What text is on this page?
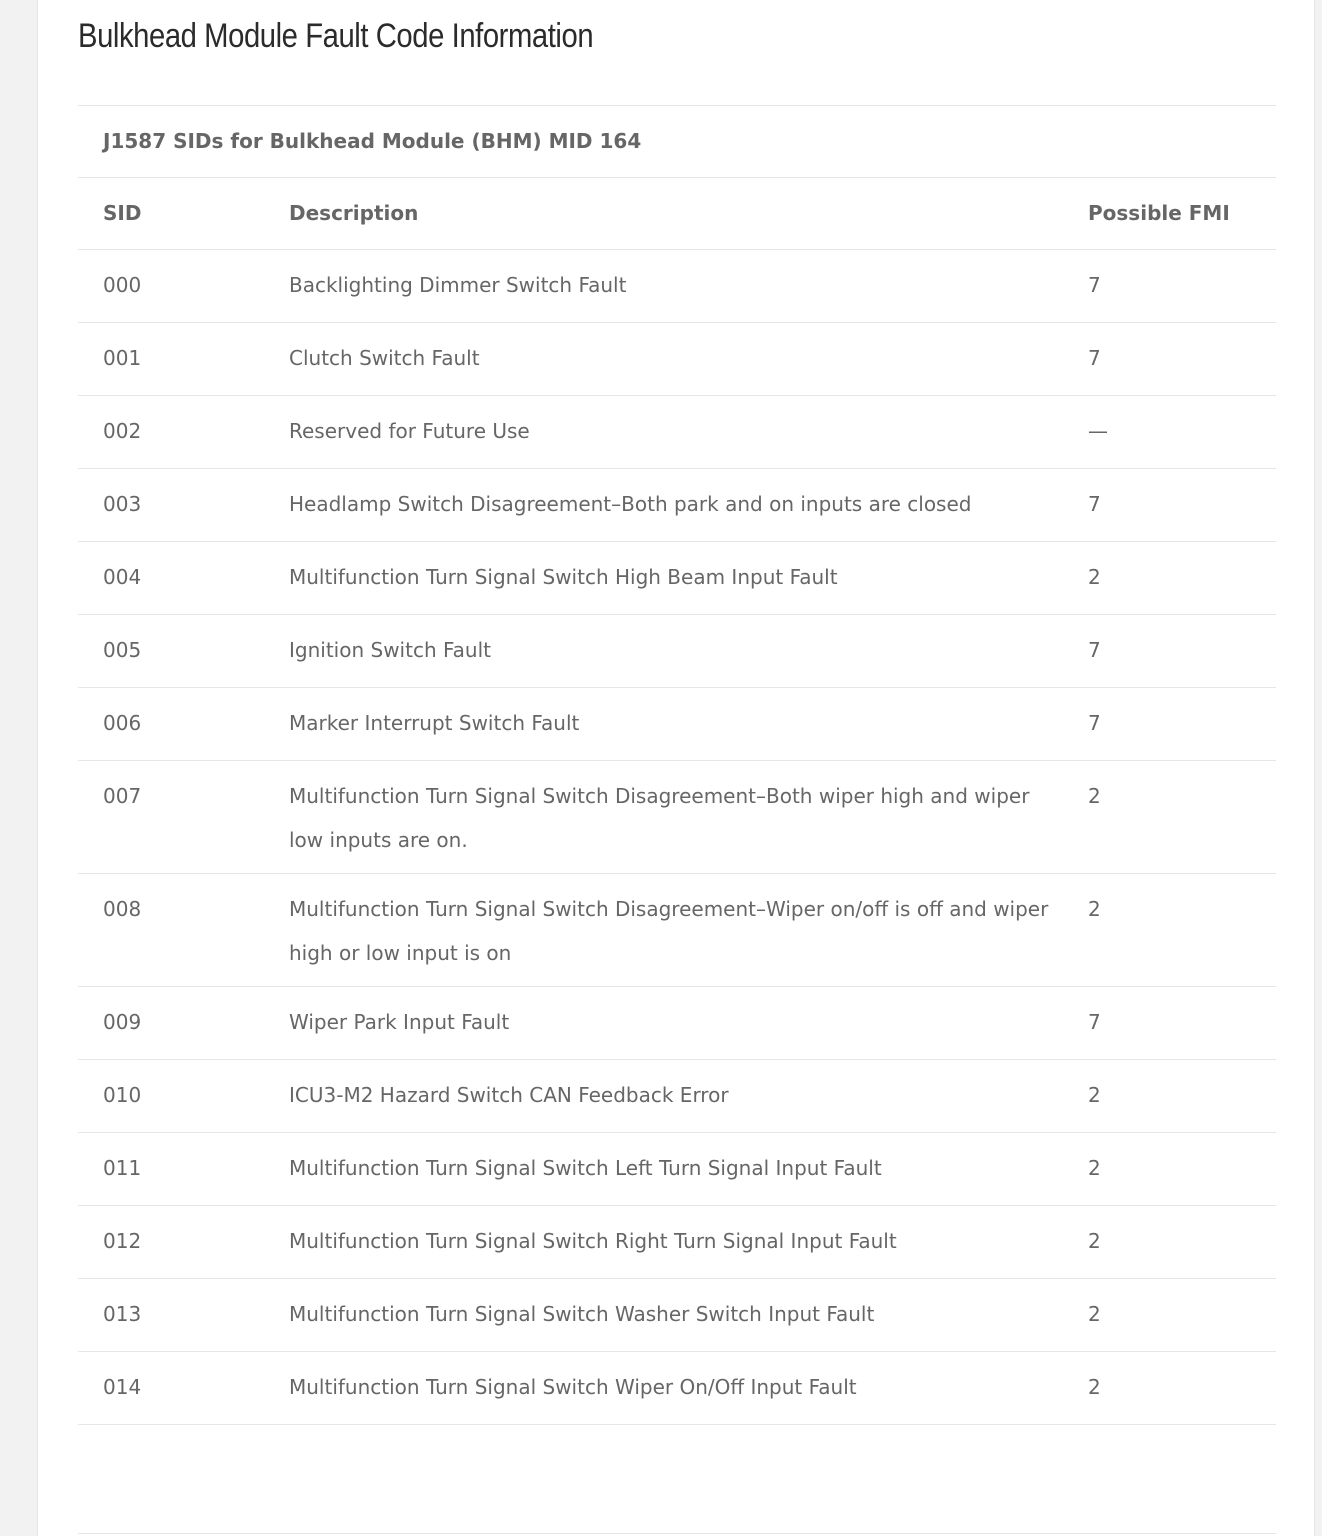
Bulkhead Module Fault Code Information
J1587 SIDs for Bulkhead Module (BHM) MID 164		
SID	Description	Possible FMI
000	Backlighting Dimmer Switch Fault	7
001	Clutch Switch Fault	7
002	Reserved for Future Use	—
003	Headlamp Switch Disagreement–Both park and on inputs are closed	7
004	Multifunction Turn Signal Switch High Beam Input Fault	2
005	Ignition Switch Fault	7
006	Marker Interrupt Switch Fault	7
007	Multifunction Turn Signal Switch Disagreement–Both wiper high and wiper low inputs are on.	2
008	Multifunction Turn Signal Switch Disagreement–Wiper on/off is off and wiper high or low input is on	2
009	Wiper Park Input Fault	7
010	ICU3-M2 Hazard Switch CAN Feedback Error	2
011	Multifunction Turn Signal Switch Left Turn Signal Input Fault	2
012	Multifunction Turn Signal Switch Right Turn Signal Input Fault	2
013	Multifunction Turn Signal Switch Washer Switch Input Fault	2
014	Multifunction Turn Signal Switch Wiper On/Off Input Fault	2
